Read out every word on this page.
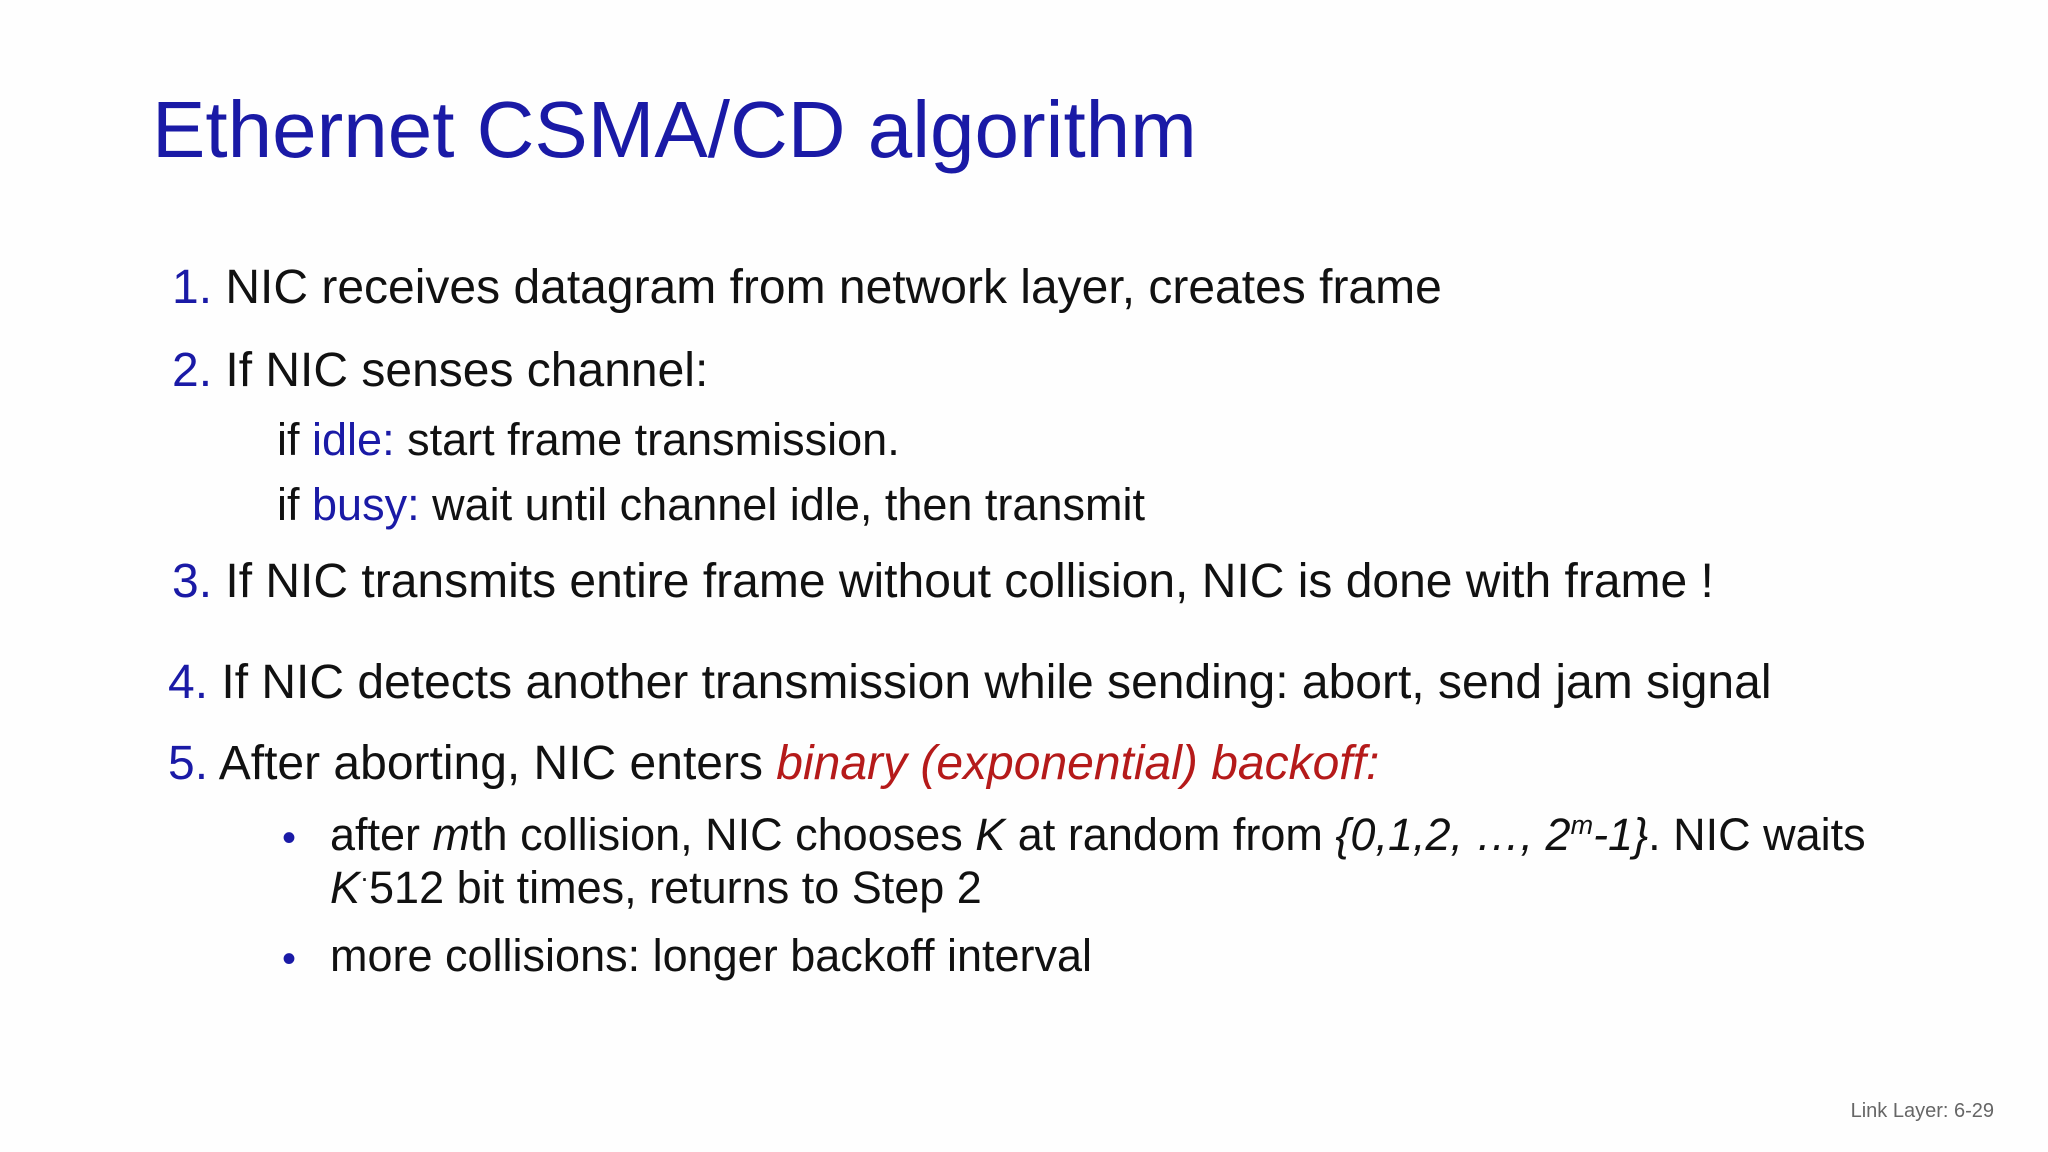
Ethernet CSMA/CD algorithm
1. NIC receives datagram from network layer, creates frame
2. If NIC senses channel:
if idle: start frame transmission.
if busy: wait until channel idle, then transmit
3. If NIC transmits entire frame without collision, NIC is done with frame !
4. If NIC detects another transmission while sending: abort, send jam signal
5. After aborting, NIC enters binary (exponential) backoff:
• after mth collision, NIC chooses K at random from {0,1,2, …, 2$^m$-1}. NIC waits
K·512 bit times, returns to Step 2
• more collisions: longer backoff interval
Link Layer: 6-29
